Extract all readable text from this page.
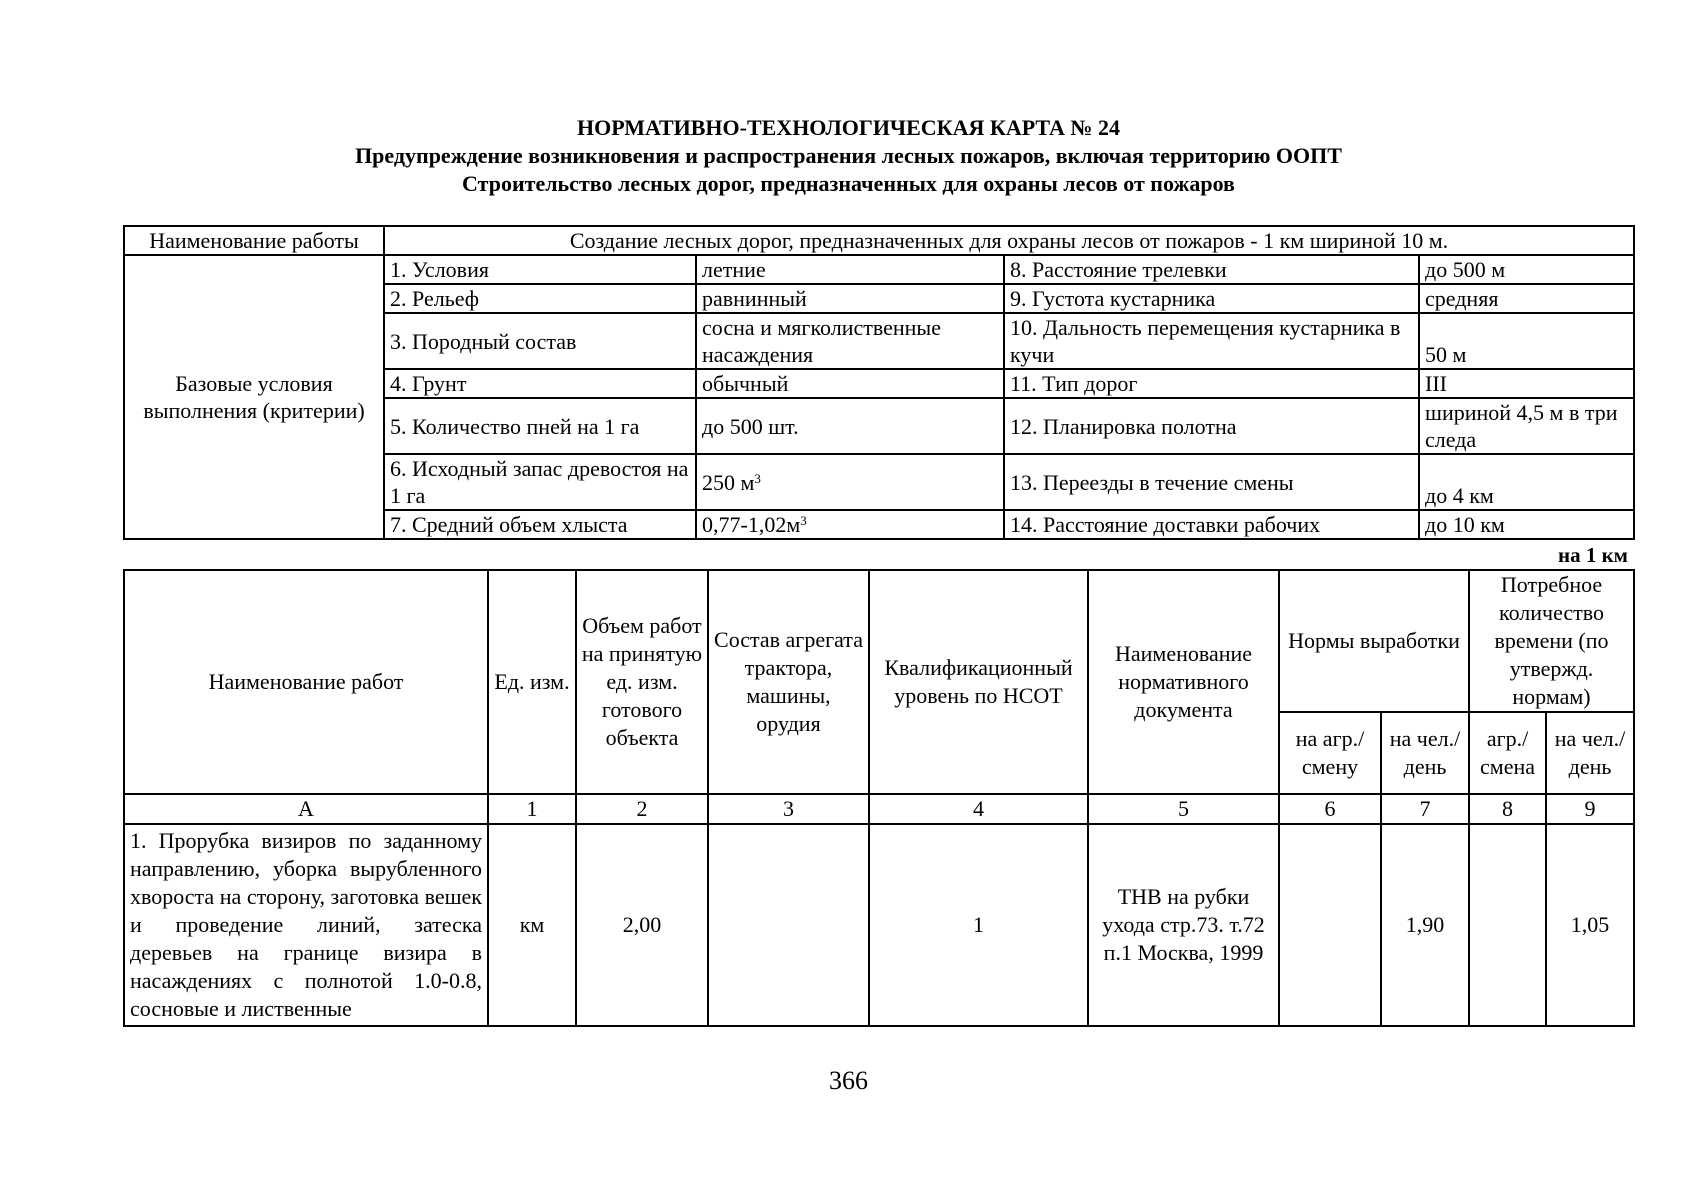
НОРМАТИВНО-ТЕХНОЛОГИЧЕСКАЯ КАРТА № 24
Предупреждение возникновения и распространения лесных пожаров, включая территорию ООПТ
Строительство лесных дорог, предназначенных для охраны лесов от пожаров
Наименование работы	Создание лесных дорог, предназначенных для охраны лесов от пожаров - 1 км шириной 10 м.			
Базовые условия выполнения (критерии)	1. Условия	летние	8. Расстояние трелевки	до 500 м
	2. Рельеф	равнинный	9. Густота кустарника	средняя
	3. Породный состав	сосна и мягколиственные насаждения	10. Дальность перемещения кустарника в кучи	50 м
	4. Грунт	обычный	11. Тип дорог	III
	5. Количество пней на 1 га	до 500 шт.	12. Планировка полотна	шириной 4,5 м в три следа
	6. Исходный запас древостоя на 1 га	250 $м^3$	13. Переезды в течение смены	до 4 км
	7. Средний объем хлыста	$0,77-1,02м^3$	14. Расстояние доставки рабочих	до 10 км
на 1 км
Наименование работ	Ед. изм.	Объем работ на принятую ед. изм. готового объекта	Состав агрегата трактора, машины, орудия	Квалификационный уровень по НСОТ	Наименование нормативного документа	Нормы выработки		Потребное количество времени (по утвержд. нормам)	
						на агр./ смену	на чел./ день	агр./ смена	на чел./ день
А	1	2	3	4	5	6	7	8	9
1. Прорубка визиров по заданному направлению, уборка вырубленного хвороста на сторону, заготовка вешек и проведение линий, затеска деревьев на границе визира в насаждениях с полнотой 1.0-0.8, сосновые и лиственные	км	2,00		1	ТНВ на рубки ухода стр.73. т.72 п.1 Москва, 1999		1,90		1,05
366
